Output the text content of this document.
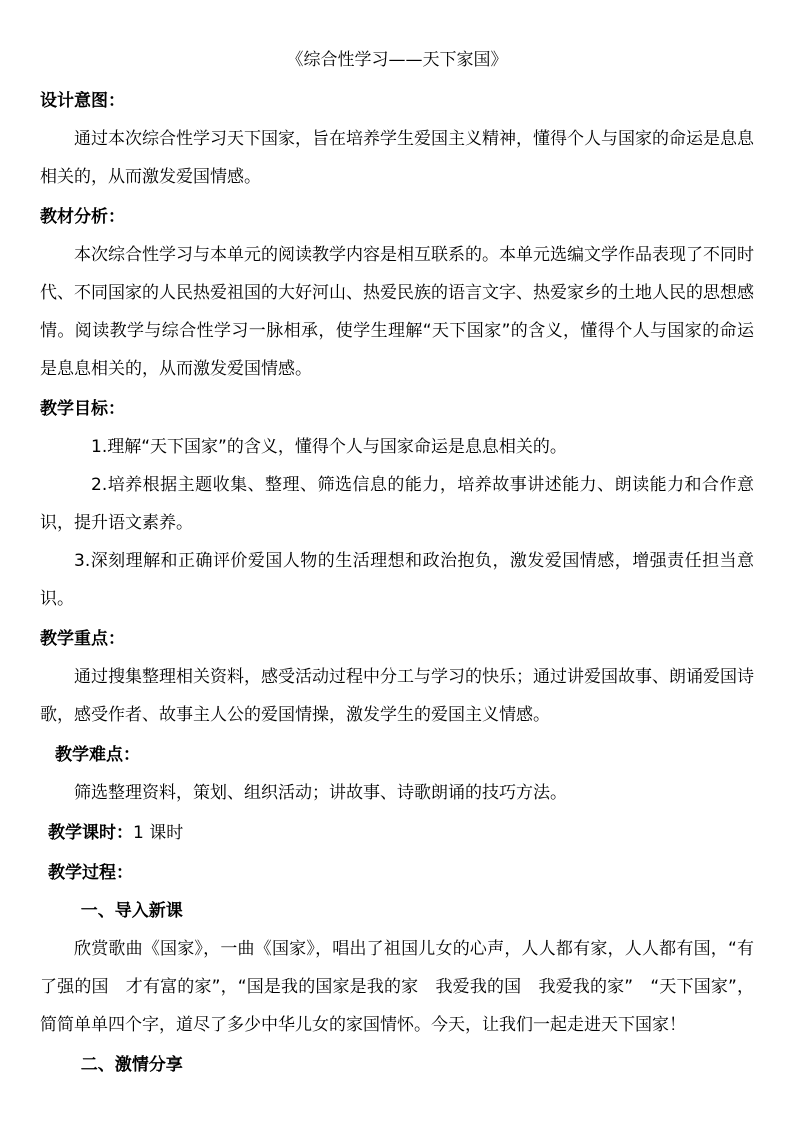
《综合性学习——天下家国》

设计意图：

通过本次综合性学习天下国家，旨在培养学生爱国主义精神，懂得个人与国家的命运是息息相关的，从而激发爱国情感。

教材分析：

本次综合性学习与本单元的阅读教学内容是相互联系的。本单元选编文学作品表现了不同时代、不同国家的人民热爱祖国的大好河山、热爱民族的语言文字、热爱家乡的土地人民的思想感情。阅读教学与综合性学习一脉相承，使学生理解“天下国家”的含义，懂得个人与国家的命运是息息相关的，从而激发爱国情感。

教学目标：

1.理解“天下国家”的含义，懂得个人与国家命运是息息相关的。

2.培养根据主题收集、整理、筛选信息的能力，培养故事讲述能力、朗读能力和合作意识，提升语文素养。

3.深刻理解和正确评价爱国人物的生活理想和政治抱负，激发爱国情感，增强责任担当意识。

教学重点：

通过搜集整理相关资料，感受活动过程中分工与学习的快乐；通过讲爱国故事、朗诵爱国诗歌，感受作者、故事主人公的爱国情操，激发学生的爱国主义情感。

教学难点：

筛选整理资料，策划、组织活动；讲故事、诗歌朗诵的技巧方法。

教学课时：1 课时

教学过程：

一、导入新课

欣赏歌曲《国家》，一曲《国家》，唱出了祖国儿女的心声，人人都有家，人人都有国，“有了强的国　才有富的家”，“国是我的国家是我的家　我爱我的国　我爱我的家”　“天下国家”，简简单单四个字，道尽了多少中华儿女的家国情怀。今天，让我们一起走进天下国家！

二、激情分享
